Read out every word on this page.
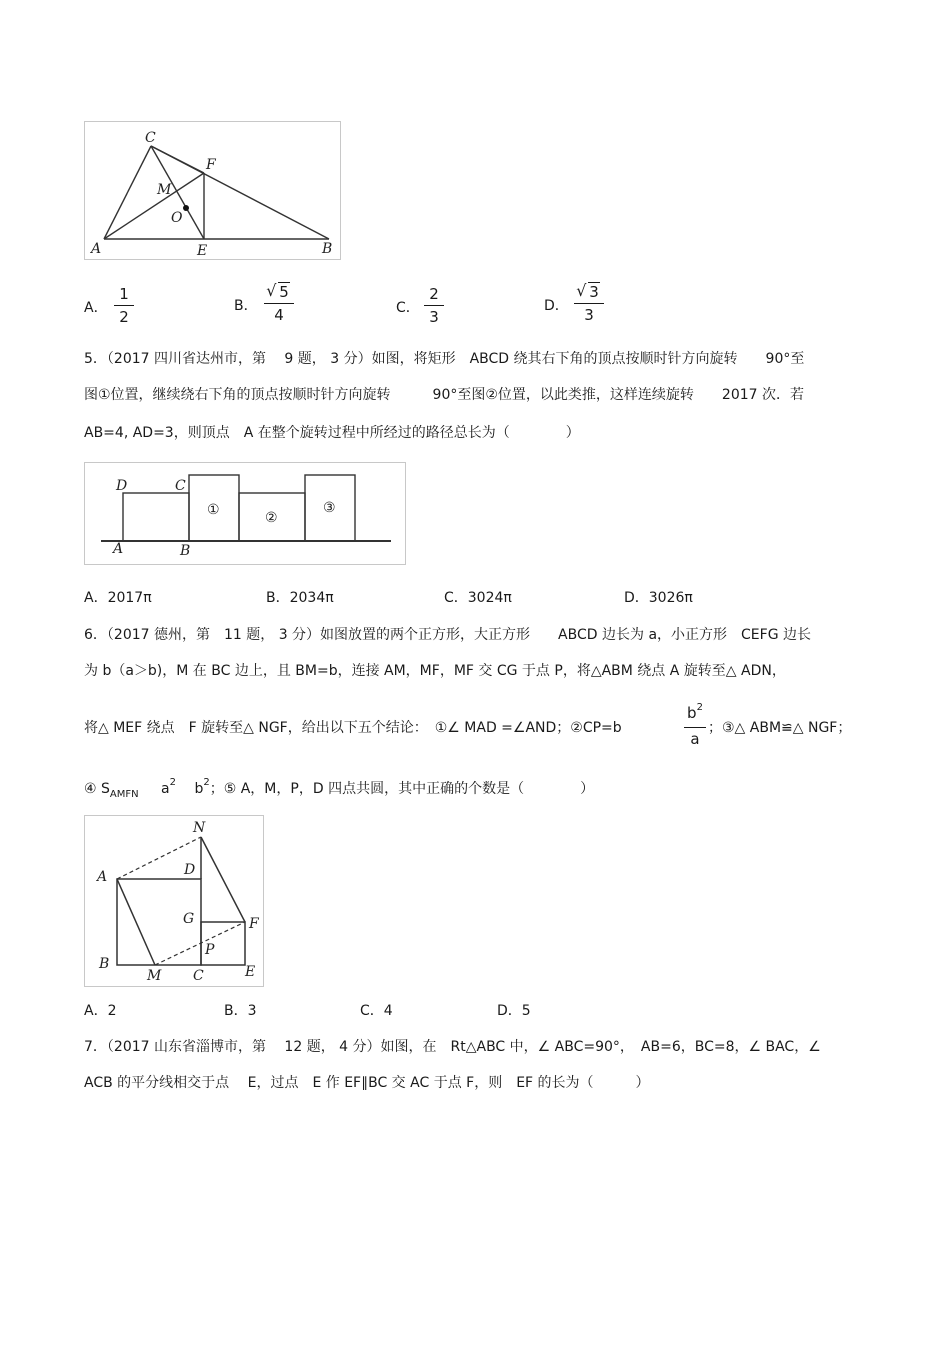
C
F
M
O
A	E	B
A．
1
2
B．
√ 5
4	C．
2
3
D．
√ 3
3
5．（2017 四川省达州市，第　 9 题， 3 分）如图，将矩形　ABCD 绕其右下角的顶点按顺时针方向旋转　　90°至
图①位置，继续绕右下角的顶点按顺时针方向旋转　　　90°至图②位置，以此类推，这样连续旋转　　2017 次．若
AB=4, AD=3，则顶点　A 在整个旋转过程中所经过的路径总长为（　　　　）
D	C
A	B
①	②
③
A．2017π	B．2034π	C．3024π	D．3026π
6．（2017 德州，第　11 题， 3 分）如图放置的两个正方形，大正方形　　ABCD 边长为 a，小正方形　CEFG 边长
为 b（a＞b)，M 在 BC 边上，且 BM=b，连接 AM，MF，MF 交 CG 于点 P，将△ABM 绕点 A 旋转至△ ADN，
将△ MEF 绕点　F 旋转至△ NGF，给出以下五个结论：　①∠ MAD =∠AND；②CP=b
$b^2$
a
；③△ ABM≌△ NGF；
④ $S_{AMFN}$ $a^2$ $b^2$；⑤ A，M，P，D 四点共圆，其中正确的个数是（　　　　）
N
A	D
G	F
P
B
M C	E
A．2	B．3	C．4	D．5
7．（2017 山东省淄博市，第　 12 题， 4 分）如图，在　Rt△ABC 中，∠ ABC=90°，　AB=6，BC=8，∠ BAC，∠
ACB 的平分线相交于点　 E，过点　E 作 EF∥BC 交 AC 于点 F，则　EF 的长为（　　　）
